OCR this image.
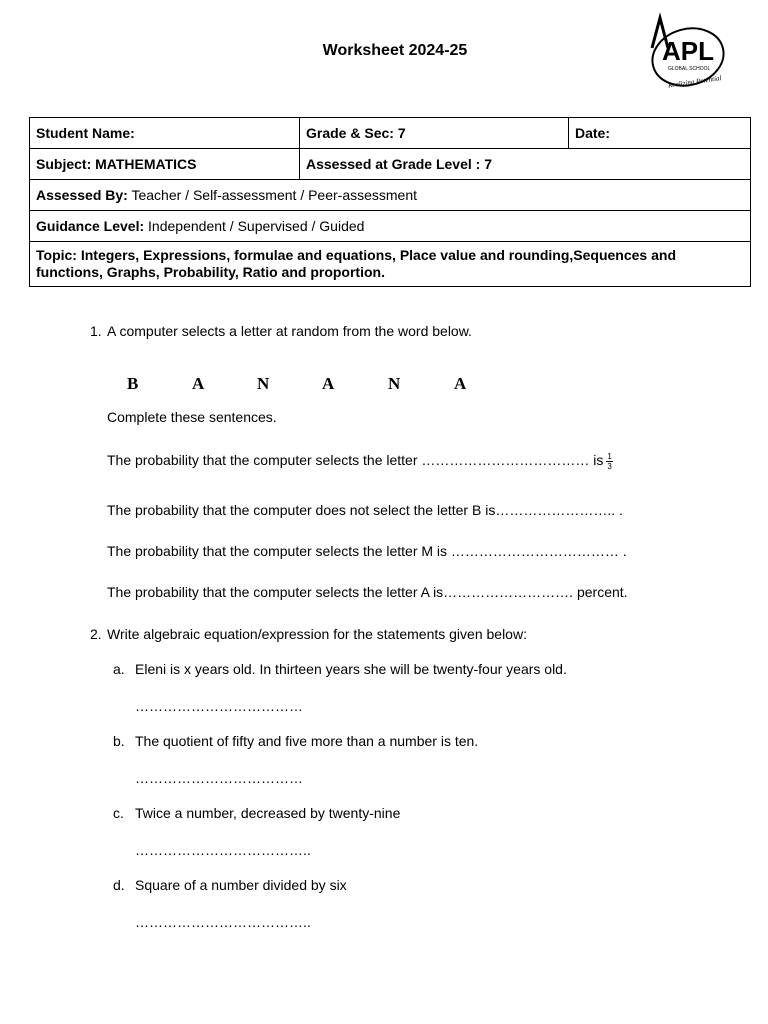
Worksheet 2024-25	APL
GLOBAL SCHOOL
Realizing Potential
Student Name:	Grade & Sec: 7	Date:
Subject: MATHEMATICS	Assessed at Grade Level : 7	
Assessed By: Teacher / Self-assessment / Peer-assessment		
Guidance Level: Independent / Supervised / Guided		
Topic: Integers, Expressions, formulae and equations, Place value and rounding,Sequences and functions, Graphs, Probability, Ratio and proportion.		
1. A computer selects a letter at random from the word below.
B	A	N	A	N	A
Complete these sentences.
The probability that the computer selects the letter ……………………………… is $\frac{1}{3}$
The probability that the computer does not select the letter B is…………………….. .
The probability that the computer selects the letter M is ……………………………… .
The probability that the computer selects the letter A is………………………. percent.
2. Write algebraic equation/expression for the statements given below:
a. Eleni is x years old. In thirteen years she will be twenty-four years old.
………………………………
b. The quotient of fifty and five more than a number is ten.
………………………………
c. Twice a number, decreased by twenty-nine
………………………………..
d. Square of a number divided by six
………………………………..
